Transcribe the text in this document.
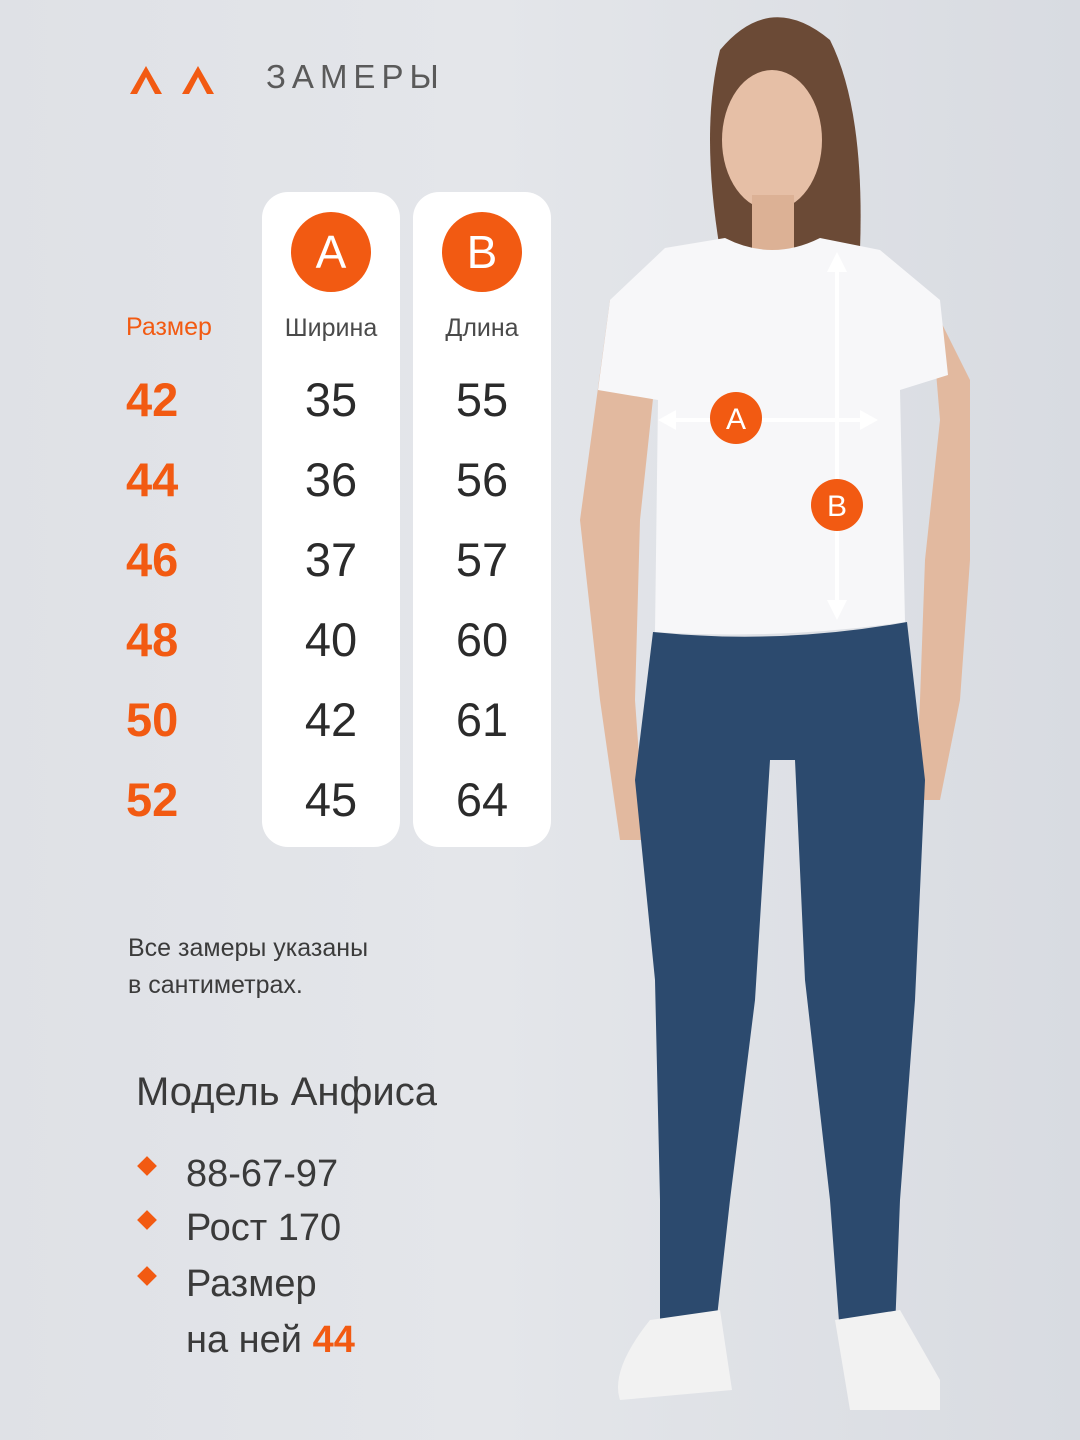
ЗАМЕРЫ
Размер
42
44
46
48
50
52
A
Ширина
35
36
37
40
42
45
B
Длина
55
56
57
60
61
64
Все замеры указаны
в сантиметрах.
Модель Анфиса
88-67-97
Рост 170
Размер
на ней 44
A
B
